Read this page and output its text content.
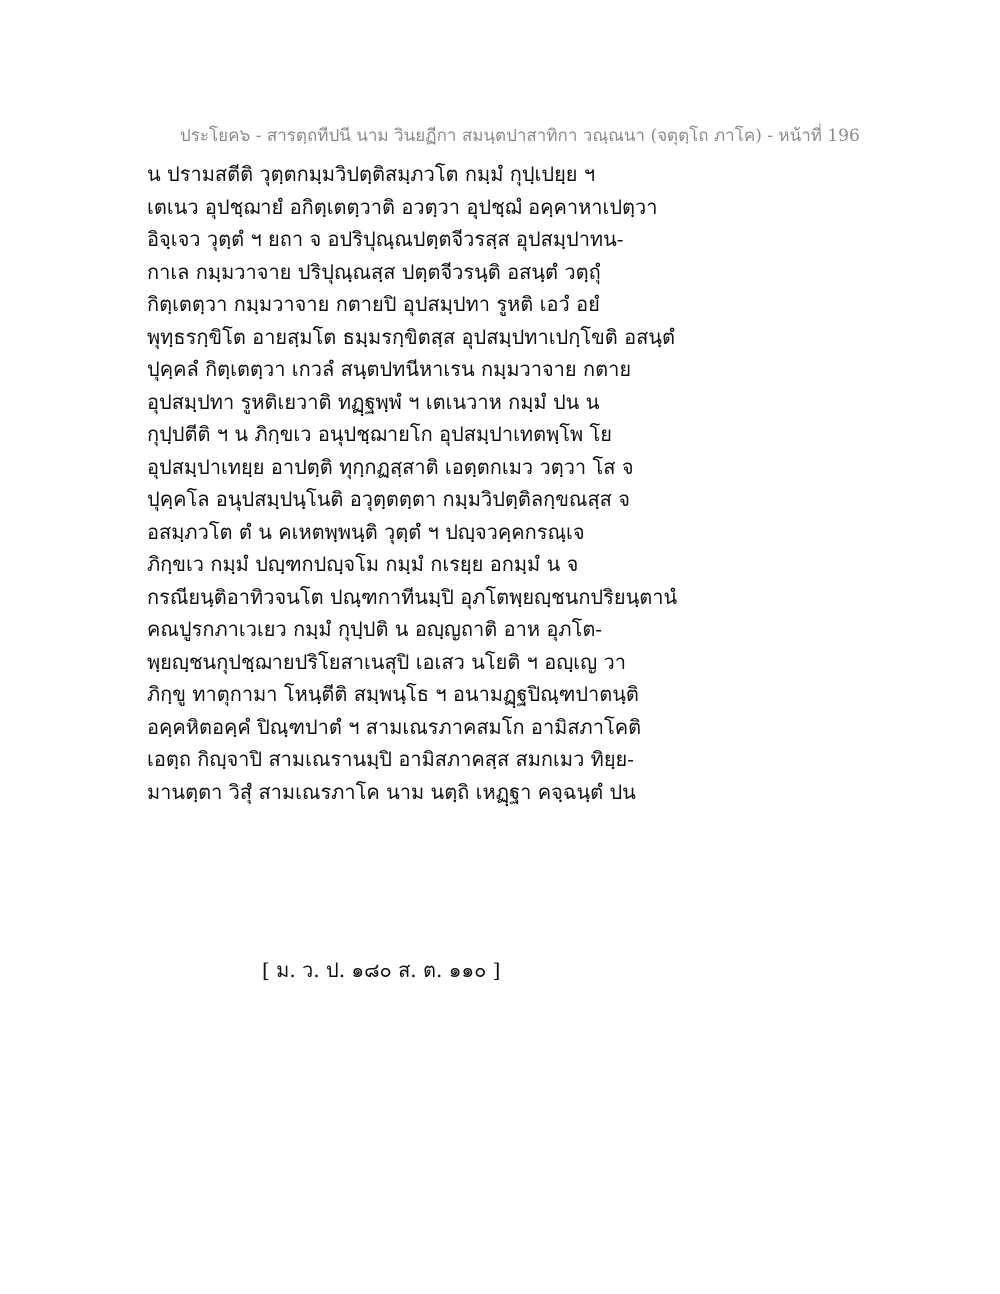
ประโยค๖ - สารตฺถทีปนี นาม วินยฏีกา สมนฺตปาสาทิกา วณฺณนา (จตุตฺโถ ภาโค) - หน้าที่ 196
น ปรามสตีติ วุตฺตกมฺมวิปตฺติสมฺภวโต กมฺมํ กุปฺเปยฺย ฯ
เตเนว อุปชฺฌายํ อกิตฺเตตฺวาติ อวตฺวา อุปชฺฌํ อคฺคาหาเปตฺวา
อิจฺเจว วุตฺตํ ฯ ยถา จ อปริปุณฺณปตฺตจีวรสฺส อุปสมฺปาทน-
กาเล กมฺมวาจาย ปริปุณฺณสฺส ปตฺตจีวรนฺติ อสนฺตํ วตฺถุํ
กิตฺเตตฺวา กมฺมวาจาย กตายปิ อุปสมฺปทา รูหติ เอวํ อยํ
พุทฺธรกฺขิโต อายสฺมโต ธมฺมรกฺขิตสฺส อุปสมฺปทาเปกฺโขติ อสนฺตํ
ปุคฺคลํ กิตฺเตตฺวา เกวลํ สนฺตปทนีหาเรน กมฺมวาจาย กตาย
อุปสมฺปทา รูหติเยวาติ ทฏฺฐพฺพํ ฯ เตเนวาห กมฺมํ ปน น
กุปฺปตีติ ฯ น ภิกฺขเว อนุปชฺฌายโก อุปสมฺปาเทตพฺโพ โย
อุปสมฺปาเทยฺย อาปตฺติ ทุกฺกฏสฺสาติ เอตฺตกเมว วตฺวา โส จ
ปุคฺคโล อนุปสมฺปนฺโนติ อวุตฺตตฺตา กมฺมวิปตฺติลกฺขณสฺส จ
อสมฺภวโต ตํ น คเหตพฺพนฺติ วุตฺตํ ฯ ปญฺจวคฺคกรณฺเจ
ภิกฺขเว กมฺมํ ปญฺฑกปญฺจโม กมฺมํ กเรยฺย อกมฺมํ น จ
กรณียนฺติอาทิวจนโต ปณฺฑกาทีนมฺปิ อุภโตพฺยญฺชนกปริยนฺตานํ
คณปูรกภาเวเยว กมฺมํ กุปฺปติ น อญฺญถาติ อาห อุภโต-
พฺยญฺชนกุปชฺฌายปริโยสาเนสุปิ เอเสว นโยติ ฯ อญฺเญ วา
ภิกฺขู ทาตุกามา โหนฺตีติ สมฺพนฺโธ ฯ อนามฏฺฐปิณฺฑปาตนฺติ
อคฺคหิตอคฺคํ ปิณฺฑปาตํ ฯ สามเณรภาคสมโก อามิสภาโคติ
เอตฺถ กิญฺจาปิ สามเณรานมฺปิ อามิสภาคสฺส สมกเมว ทิยฺย-
มานตฺตา วิสุํ สามเณรภาโค นาม นตฺถิ เหฏฺฐา คจฺฉนฺตํ ปน
[ ม. ว. ป. ๑๘๐ ส. ต. ๑๑๐ ]
